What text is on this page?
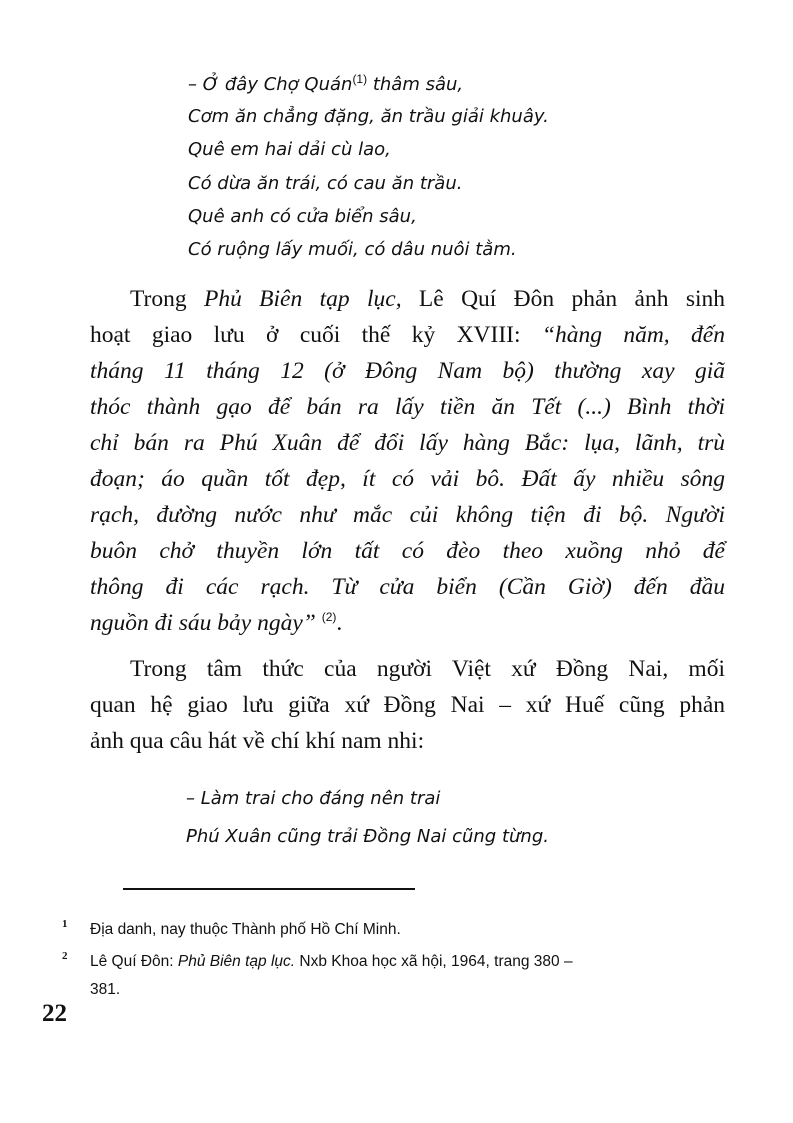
– Ở đây Chợ Quán$^{(1)}$ thâm sâu,
Cơm ăn chẳng đặng, ăn trầu giải khuây.
Quê em hai dải cù lao,
Có dừa ăn trái, có cau ăn trầu.
Quê anh có cửa biển sâu,
Có ruộng lấy muối, có dâu nuôi tằm.
Trong Phủ Biên tạp lục, Lê Quí Đôn phản ảnh sinh
hoạt giao lưu ở cuối thế kỷ XVIII: “hàng năm, đến
tháng 11 tháng 12 (ở Đông Nam bộ) thường xay giã
thóc thành gạo để bán ra lấy tiền ăn Tết (...) Bình thời
chỉ bán ra Phú Xuân để đổi lấy hàng Bắc: lụa, lãnh, trù
đoạn; áo quần tốt đẹp, ít có vải bô. Đất ấy nhiều sông
rạch, đường nước như mắc củi không tiện đi bộ. Người
buôn chở thuyền lớn tất có đèo theo xuồng nhỏ để
thông đi các rạch. Từ cửa biển (Cần Giờ) đến đầu
nguồn đi sáu bảy ngày” $^{(2)}$.
Trong tâm thức của người Việt xứ Đồng Nai, mối
quan hệ giao lưu giữa xứ Đồng Nai – xứ Huế cũng phản
ảnh qua câu hát về chí khí nam nhi:
– Làm trai cho đáng nên trai
Phú Xuân cũng trải Đồng Nai cũng từng.
1 Địa danh, nay thuộc Thành phố Hồ Chí Minh.
2 Lê Quí Đôn: Phủ Biên tạp lục. Nxb Khoa học xã hội, 1964, trang 380 –
381.
22
